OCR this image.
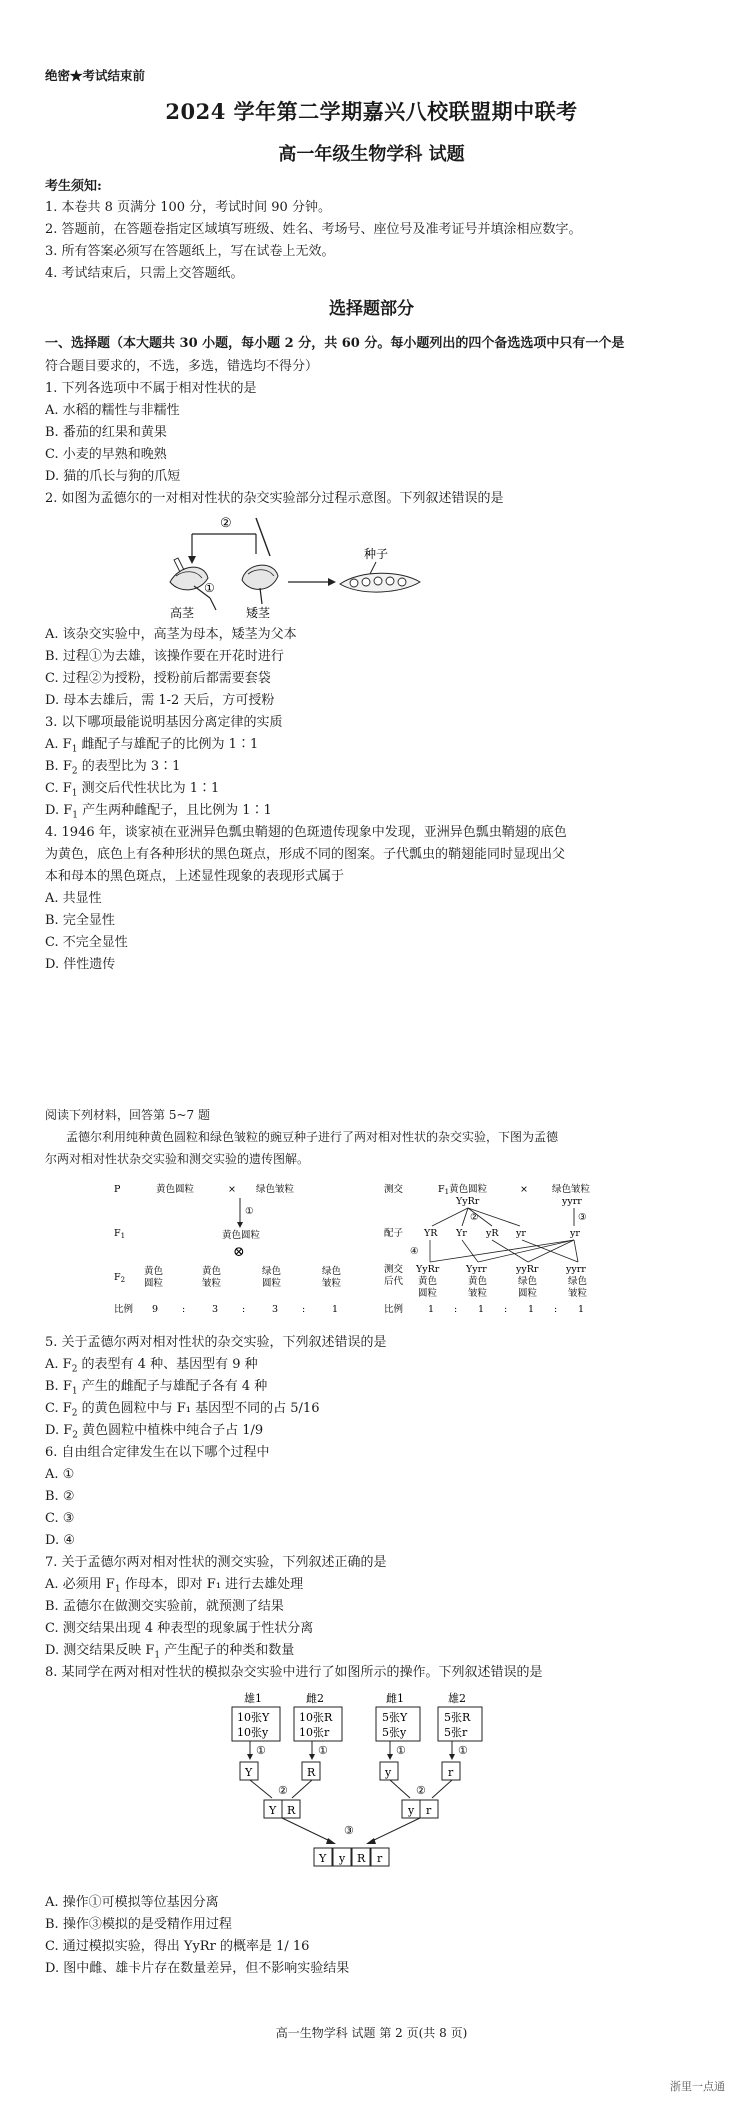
绝密★考试结束前
2024 学年第二学期嘉兴八校联盟期中联考
高一年级生物学科 试题
考生须知:
1. 本卷共 8 页满分 100 分，考试时间 90 分钟。
2. 答题前，在答题卷指定区域填写班级、姓名、考场号、座位号及准考证号并填涂相应数字。
3. 所有答案必须写在答题纸上，写在试卷上无效。
4. 考试结束后，只需上交答题纸。
选择题部分
一、选择题（本大题共 30 小题，每小题 2 分，共 60 分。每小题列出的四个备选选项中只有一个是
符合题目要求的，不选，多选，错选均不得分）
1. 下列各选项中不属于相对性状的是
A. 水稻的糯性与非糯性
B. 番茄的红果和黄果
C. 小麦的早熟和晚熟
D. 猫的爪长与狗的爪短
2. 如图为孟德尔的一对相对性状的杂交实验部分过程示意图。下列叙述错误的是
②
①
高茎	矮茎
种子
A. 该杂交实验中，高茎为母本，矮茎为父本
B. 过程①为去雄，该操作要在开花时进行
C. 过程②为授粉，授粉前后都需要套袋
D. 母本去雄后，需 1-2 天后，方可授粉
3. 以下哪项最能说明基因分离定律的实质
A. $F_1$ 雌配子与雄配子的比例为 1∶1
B. $F_2$ 的表型比为 3∶1
C. $F_1$ 测交后代性状比为 1∶1
D. $F_1$ 产生两种雌配子，且比例为 1∶1
4. 1946 年，谈家祯在亚洲异色瓢虫鞘翅的色斑遗传现象中发现，亚洲异色瓢虫鞘翅的底色
为黄色，底色上有各种形状的黑色斑点，形成不同的图案。子代瓢虫的鞘翅能同时显现出父
本和母本的黑色斑点，上述显性现象的表现形式属于
A. 共显性
B. 完全显性
C. 不完全显性
D. 伴性遗传
阅读下列材料，回答第 5~7 题
孟德尔利用纯种黄色圆粒和绿色皱粒的豌豆种子进行了两对相对性状的杂交实验，下图为孟德
尔两对相对性状杂交实验和测交实验的遗传图解。
P	黄色圆粒	× 绿色皱粒
①
$F_1$	黄色圆粒
⊗
$F_2$
黄色
圆粒
黄色
皱粒
绿色
圆粒
绿色
皱粒
比例 9	:	3	:	3	:	1
测交	$F_1$黄色圆粒	×	绿色皱粒
YyRr	yyrr
②	③
配子 YR Yr yR yr	yr
④
测交
后代
YyRr	Yyrr	yyRr	yyrr
黄色
圆粒
黄色
皱粒
绿色
圆粒
绿色
皱粒
比例	1 : 1 : 1 : 1
5. 关于孟德尔两对相对性状的杂交实验，下列叙述错误的是
A. $F_2$ 的表型有 4 种、基因型有 9 种
B. $F_1$ 产生的雌配子与雄配子各有 4 种
C. $F_2$ 的黄色圆粒中与 F₁ 基因型不同的占 5/16
D. $F_2$ 黄色圆粒中植株中纯合子占 1/9
6. 自由组合定律发生在以下哪个过程中
A. ①
B. ②
C. ③
D. ④
7. 关于孟德尔两对相对性状的测交实验，下列叙述正确的是
A. 必须用 $F_1$ 作母本，即对 F₁ 进行去雄处理
B. 孟德尔在做测交实验前，就预测了结果
C. 测交结果出现 4 种表型的现象属于性状分离
D. 测交结果反映 $F_1$ 产生配子的种类和数量
8. 某同学在两对相对性状的模拟杂交实验中进行了如图所示的操作。下列叙述错误的是
雄1	雌2	雌1	雄2
10张Y
10张y
10张R
10张r
5张Y
5张y
5张R
5张r
①	①	①	①
Y	R	y	r
②	②
Y R	y r
③
Y y R r
A. 操作①可模拟等位基因分离
B. 操作③模拟的是受精作用过程
C. 通过模拟实验，得出 YyRr 的概率是 1/ 16
D. 图中雌、雄卡片存在数量差异，但不影响实验结果
高一生物学科 试题 第 2 页(共 8 页)
浙里一点通
